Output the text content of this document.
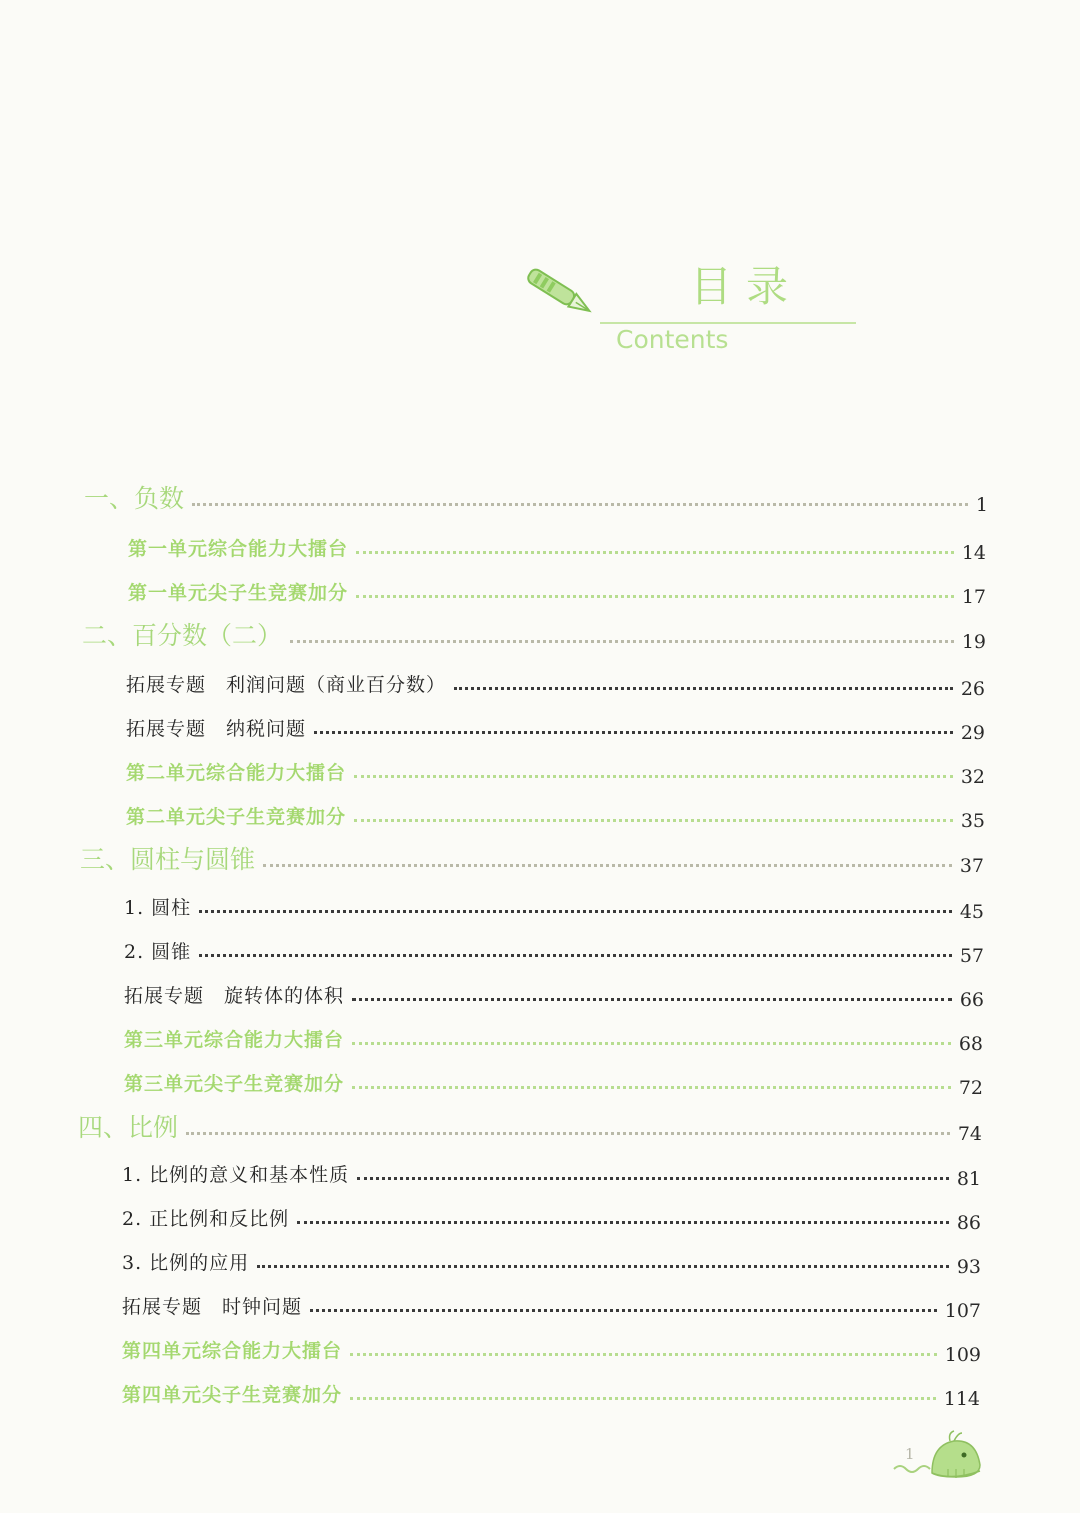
目录
Contents
一、负数	1
第一单元综合能力大擂台	14
第一单元尖子生竞赛加分	17
二、百分数（二）	19
拓展专题　利润问题（商业百分数）	26
拓展专题　纳税问题	29
第二单元综合能力大擂台	32
第二单元尖子生竞赛加分	35
三、圆柱与圆锥	37
1. 圆柱	45
2. 圆锥	57
拓展专题　旋转体的体积	66
第三单元综合能力大擂台	68
第三单元尖子生竞赛加分	72
四、比例	74
1. 比例的意义和基本性质	81
2. 正比例和反比例	86
3. 比例的应用	93
拓展专题　时钟问题	107
第四单元综合能力大擂台	109
第四单元尖子生竞赛加分	114
1
